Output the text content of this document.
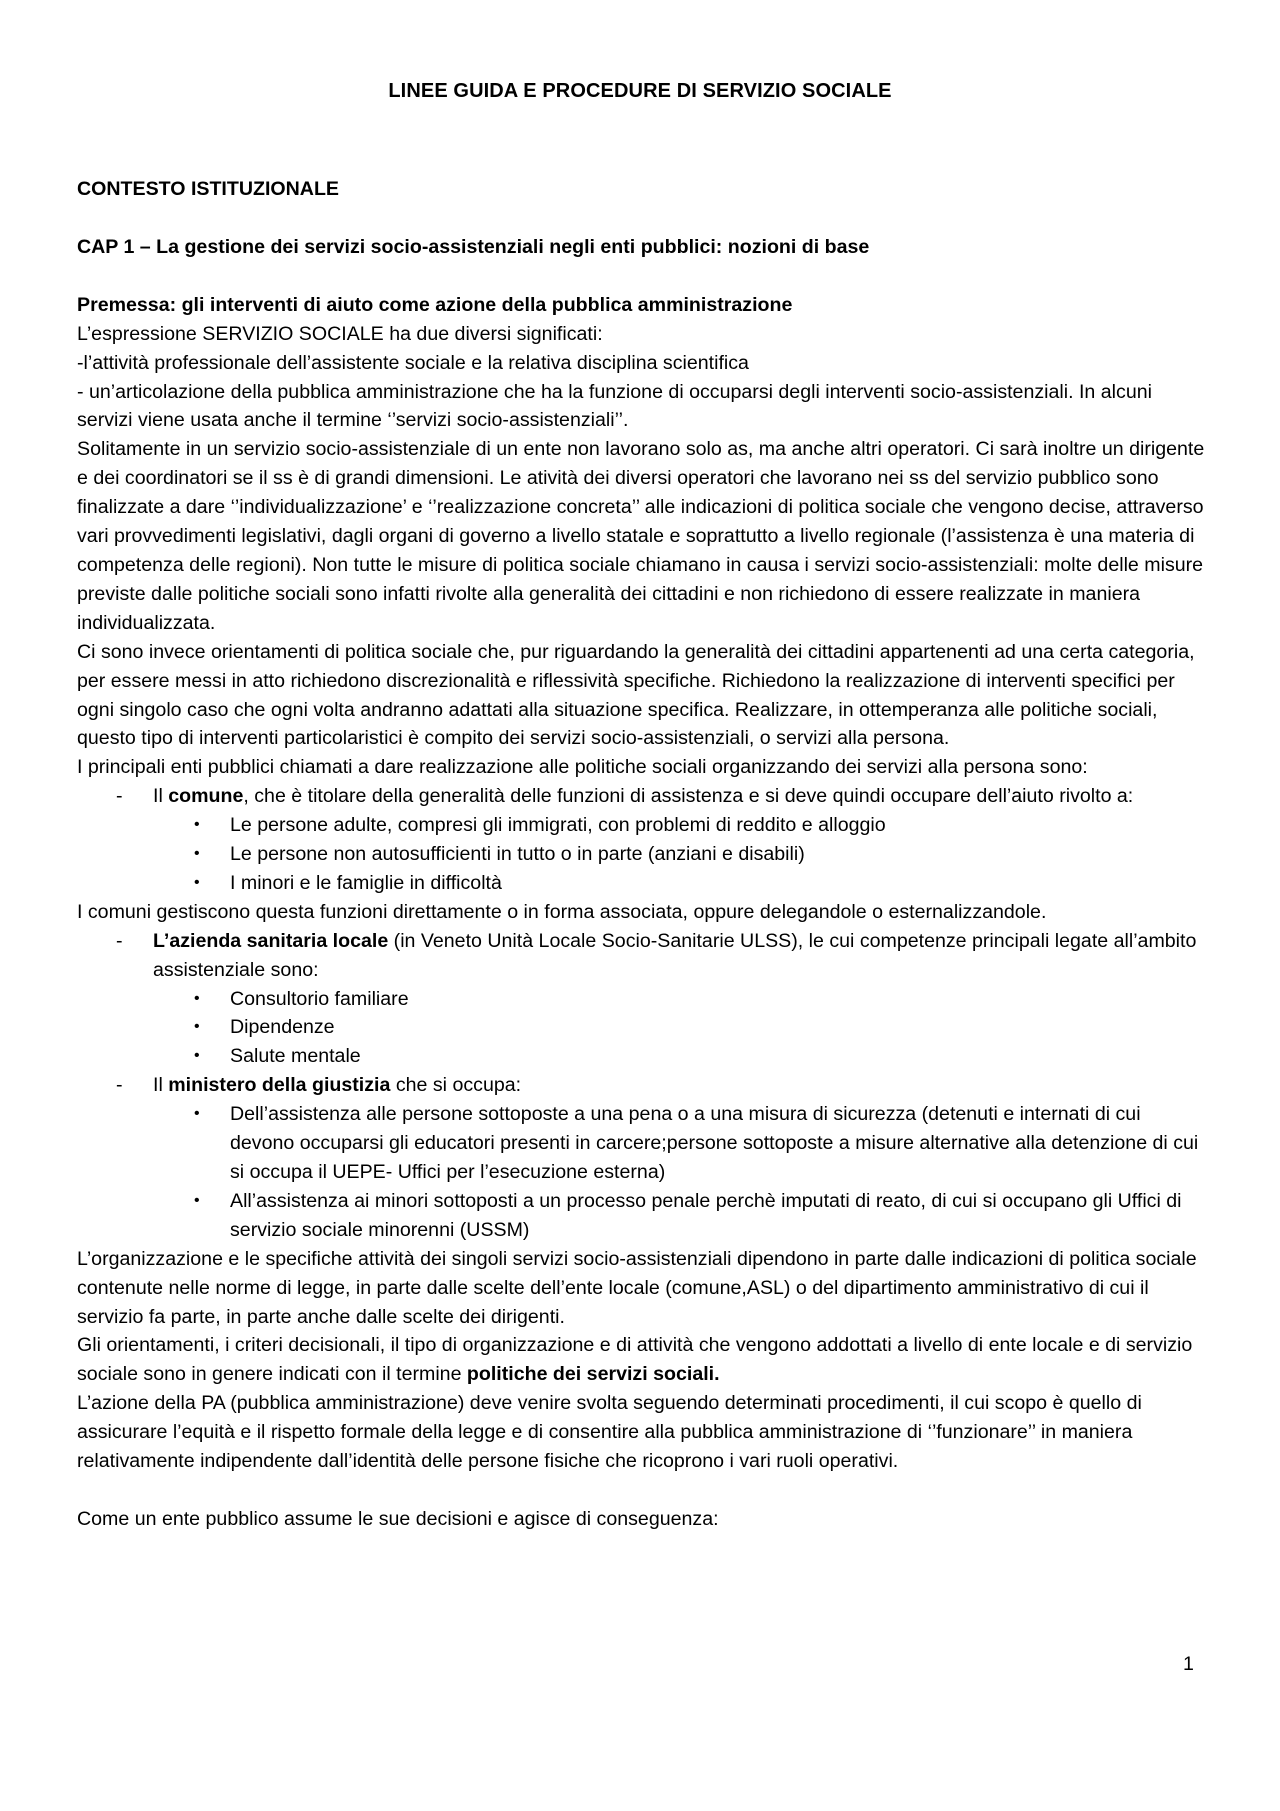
LINEE GUIDA E PROCEDURE DI SERVIZIO SOCIALE

CONTESTO ISTITUZIONALE

CAP 1 – La gestione dei servizi socio-assistenziali negli enti pubblici: nozioni di base

Premessa: gli interventi di aiuto come azione della pubblica amministrazione

L’espressione SERVIZIO SOCIALE ha due diversi significati:

-l’attività professionale dell’assistente sociale e la relativa disciplina scientifica

- un’articolazione della pubblica amministrazione che ha la funzione di occuparsi degli interventi socio-assistenziali. In alcuni servizi viene usata anche il termine ‘’servizi socio-assistenziali’’.

Solitamente in un servizio socio-assistenziale di un ente non lavorano solo as, ma anche altri operatori. Ci sarà inoltre un dirigente e dei coordinatori se il ss è di grandi dimensioni. Le atività dei diversi operatori che lavorano nei ss del servizio pubblico sono finalizzate a dare ‘’individualizzazione’ e ‘’realizzazione concreta’’ alle indicazioni di politica sociale che vengono decise, attraverso vari provvedimenti legislativi, dagli organi di governo a livello statale e soprattutto a livello regionale (l’assistenza è una materia di competenza delle regioni). Non tutte le misure di politica sociale chiamano in causa i servizi socio-assistenziali: molte delle misure previste dalle politiche sociali sono infatti rivolte alla generalità dei cittadini e non richiedono di essere realizzate in maniera individualizzata.

Ci sono invece orientamenti di politica sociale che, pur riguardando la generalità dei cittadini appartenenti ad una certa categoria, per essere messi in atto richiedono discrezionalità e riflessività specifiche. Richiedono la realizzazione di interventi specifici per ogni singolo caso che ogni volta andranno adattati alla situazione specifica. Realizzare, in ottemperanza alle politiche sociali, questo tipo di interventi particolaristici è compito dei servizi socio-assistenziali, o servizi alla persona.

I principali enti pubblici chiamati a dare realizzazione alle politiche sociali organizzando dei servizi alla persona sono:

- Il comune, che è titolare della generalità delle funzioni di assistenza e si deve quindi occupare dell’aiuto rivolto a:
• Le persone adulte, compresi gli immigrati, con problemi di reddito e alloggio
• Le persone non autosufficienti in tutto o in parte (anziani e disabili)
• I minori e le famiglie in difficoltà

I comuni gestiscono questa funzioni direttamente o in forma associata, oppure delegandole o esternalizzandole.

- L’azienda sanitaria locale (in Veneto Unità Locale Socio-Sanitarie ULSS), le cui competenze principali legate all’ambito assistenziale sono:
• Consultorio familiare
• Dipendenze
• Salute mentale
- Il ministero della giustizia che si occupa:
• Dell’assistenza alle persone sottoposte a una pena o a una misura di sicurezza (detenuti e internati di cui devono occuparsi gli educatori presenti in carcere;persone sottoposte a misure alternative alla detenzione di cui si occupa il UEPE- Uffici per l’esecuzione esterna)
• All’assistenza ai minori sottoposti a un processo penale perchè imputati di reato, di cui si occupano gli Uffici di servizio sociale minorenni (USSM)

L’organizzazione e le specifiche attività dei singoli servizi socio-assistenziali dipendono in parte dalle indicazioni di politica sociale contenute nelle norme di legge, in parte dalle scelte dell’ente locale (comune,ASL) o del dipartimento amministrativo di cui il servizio fa parte, in parte anche dalle scelte dei dirigenti.

Gli orientamenti, i criteri decisionali, il tipo di organizzazione e di attività che vengono addottati a livello di ente locale e di servizio sociale sono in genere indicati con il termine politiche dei servizi sociali.

L’azione della PA (pubblica amministrazione) deve venire svolta seguendo determinati procedimenti, il cui scopo è quello di assicurare l’equità e il rispetto formale della legge e di consentire alla pubblica amministrazione di ‘’funzionare’’ in maniera relativamente indipendente dall’identità delle persone fisiche che ricoprono i vari ruoli operativi.

Come un ente pubblico assume le sue decisioni e agisce di conseguenza:

1
